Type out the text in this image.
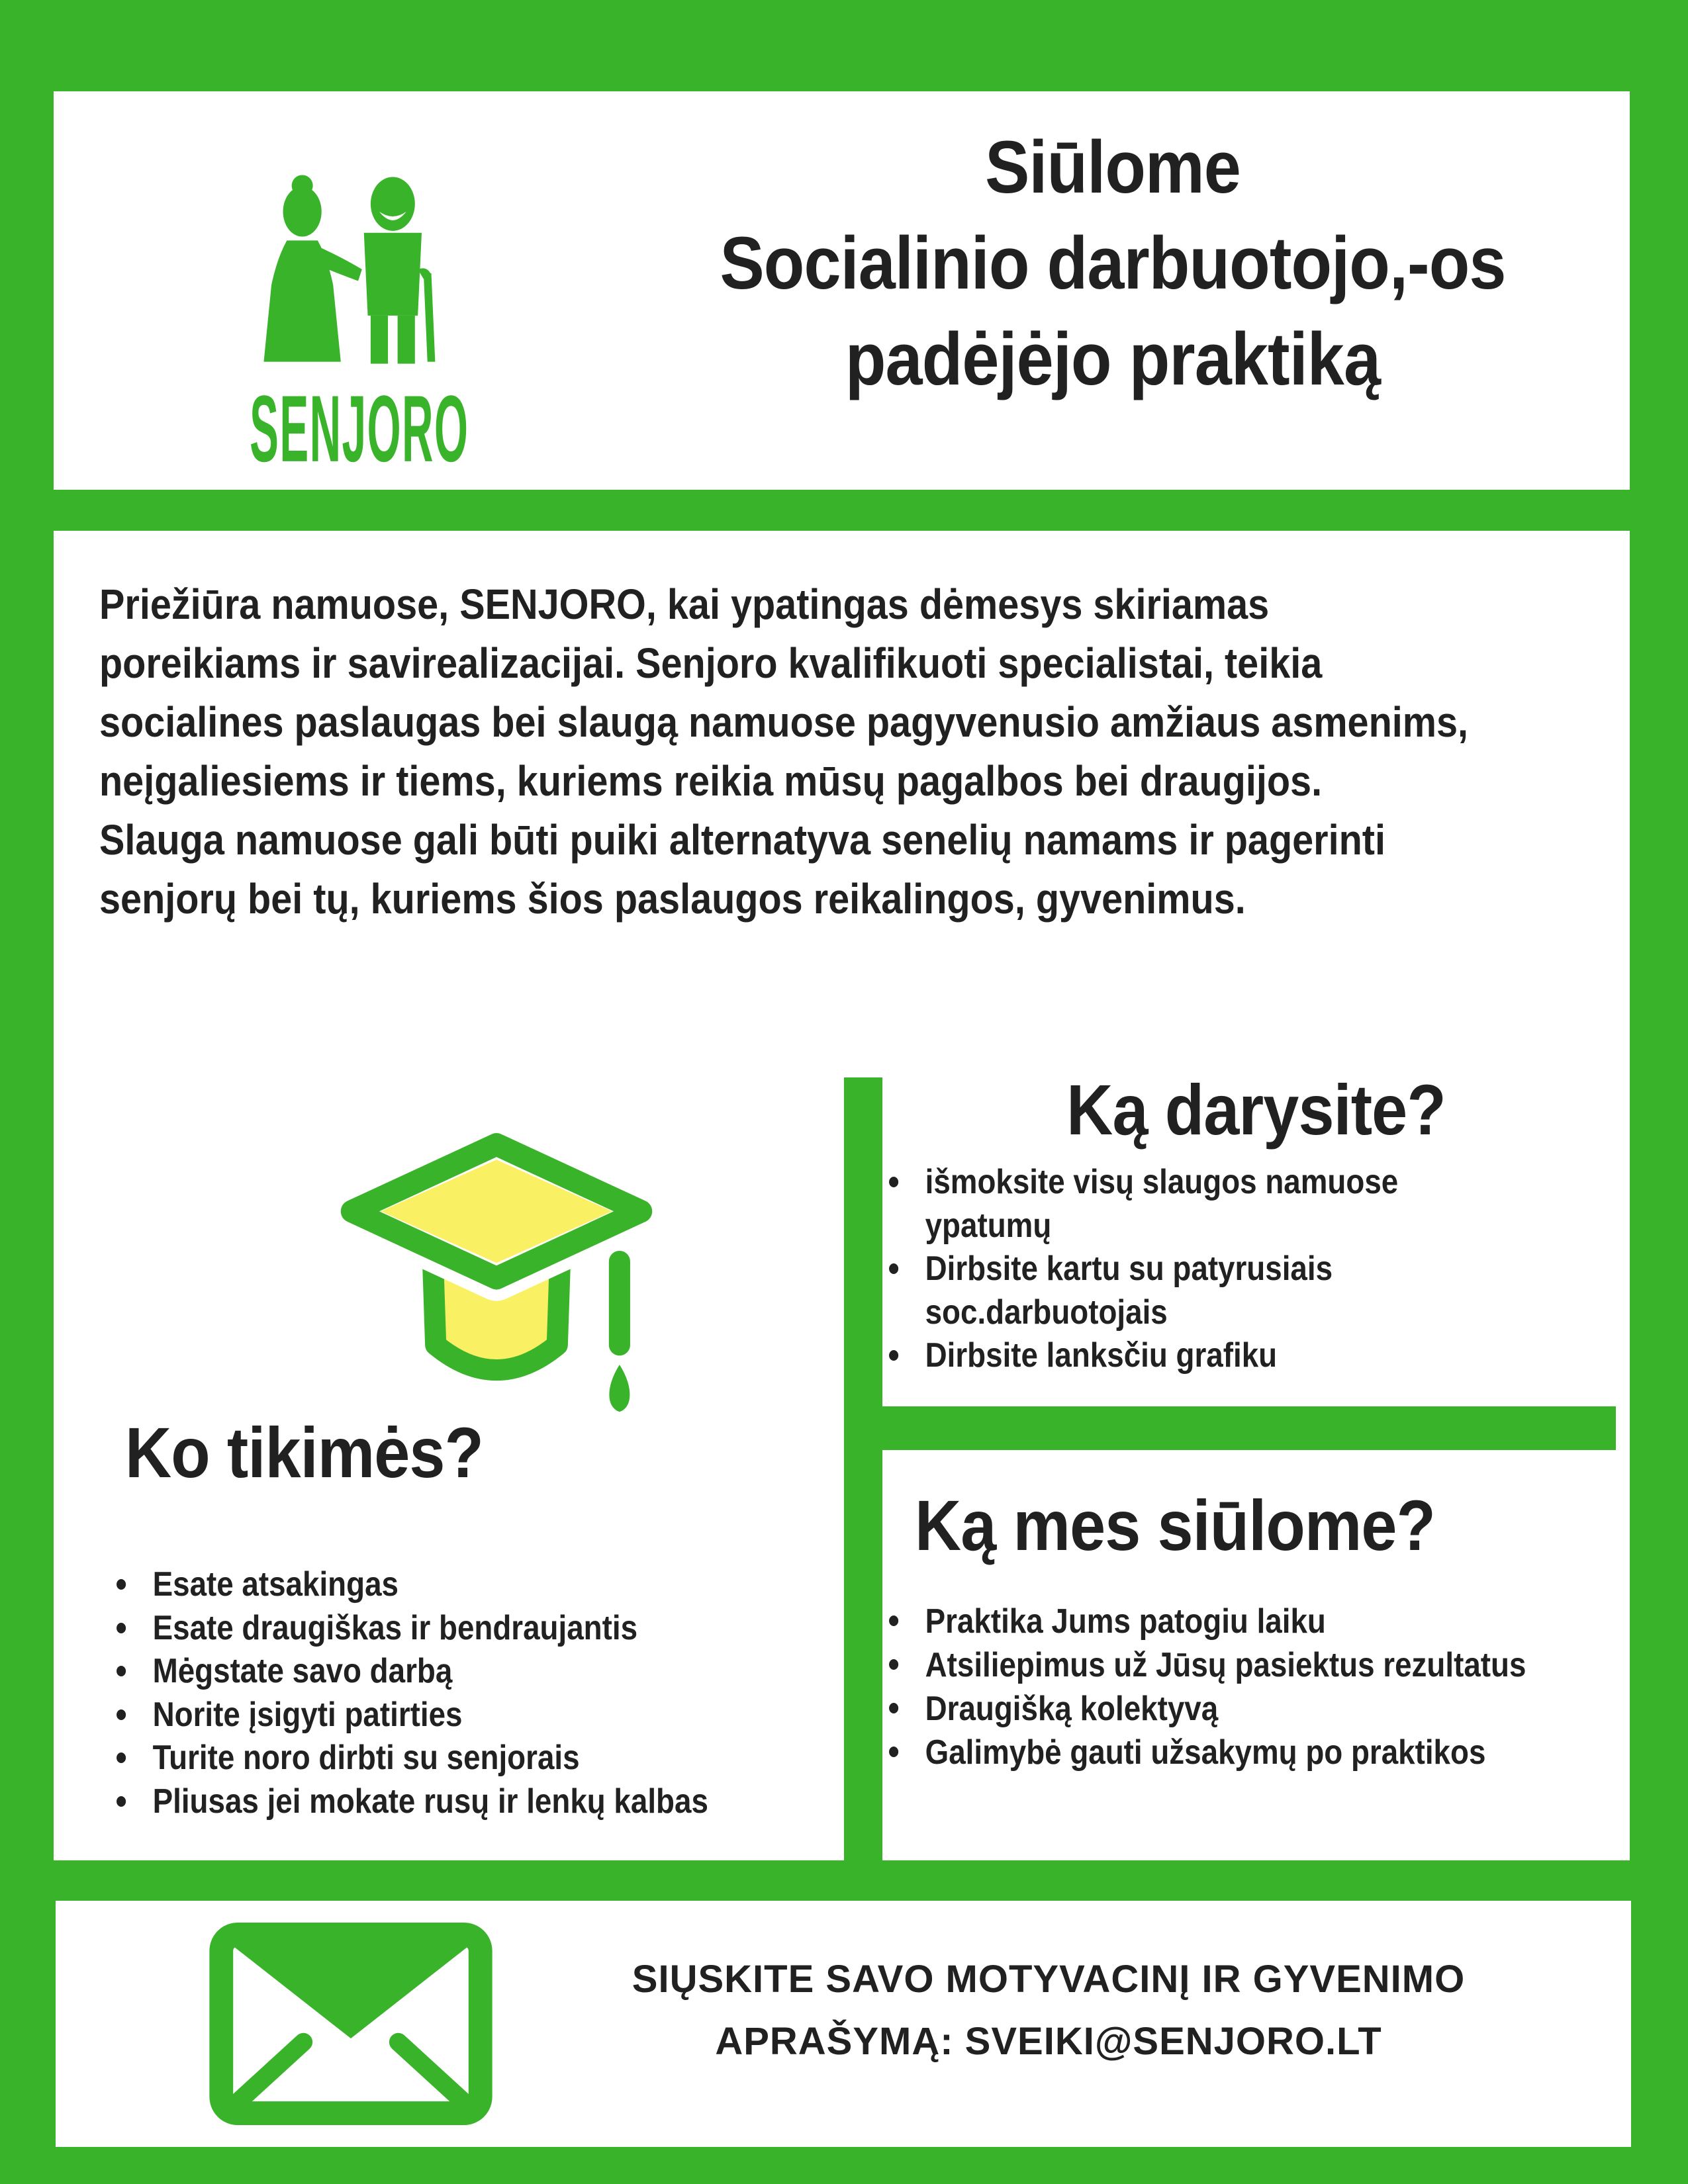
SENJORO
Siūlome
Socialinio darbuotojo,-os
padėjėjo praktiką
Priežiūra namuose, SENJORO, kai ypatingas dėmesys skiriamas
poreikiams ir savirealizacijai. Senjoro kvalifikuoti specialistai, teikia
socialines paslaugas bei slaugą namuose pagyvenusio amžiaus asmenims,
neįgaliesiems ir tiems, kuriems reikia mūsų pagalbos bei draugijos.
Slauga namuose gali būti puiki alternatyva senelių namams ir pagerinti
senjorų bei tų, kuriems šios paslaugos reikalingos, gyvenimus.
Ko tikimės?
Esate atsakingas
Esate draugiškas ir bendraujantis
Mėgstate savo darbą
Norite įsigyti patirties
Turite noro dirbti su senjorais
Pliusas jei mokate rusų ir lenkų kalbas
Ką darysite?
išmoksite visų slaugos namuose ypatumų
Dirbsite kartu su patyrusiais soc.darbuotojais
Dirbsite lanksčiu grafiku
Ką mes siūlome?
Praktika Jums patogiu laiku
Atsiliepimus už Jūsų pasiektus rezultatus
Draugišką kolektyvą
Galimybė gauti užsakymų po praktikos
SIŲSKITE SAVO MOTYVACINĮ IR GYVENIMO
APRAŠYMĄ: SVEIKI@SENJORO.LT
